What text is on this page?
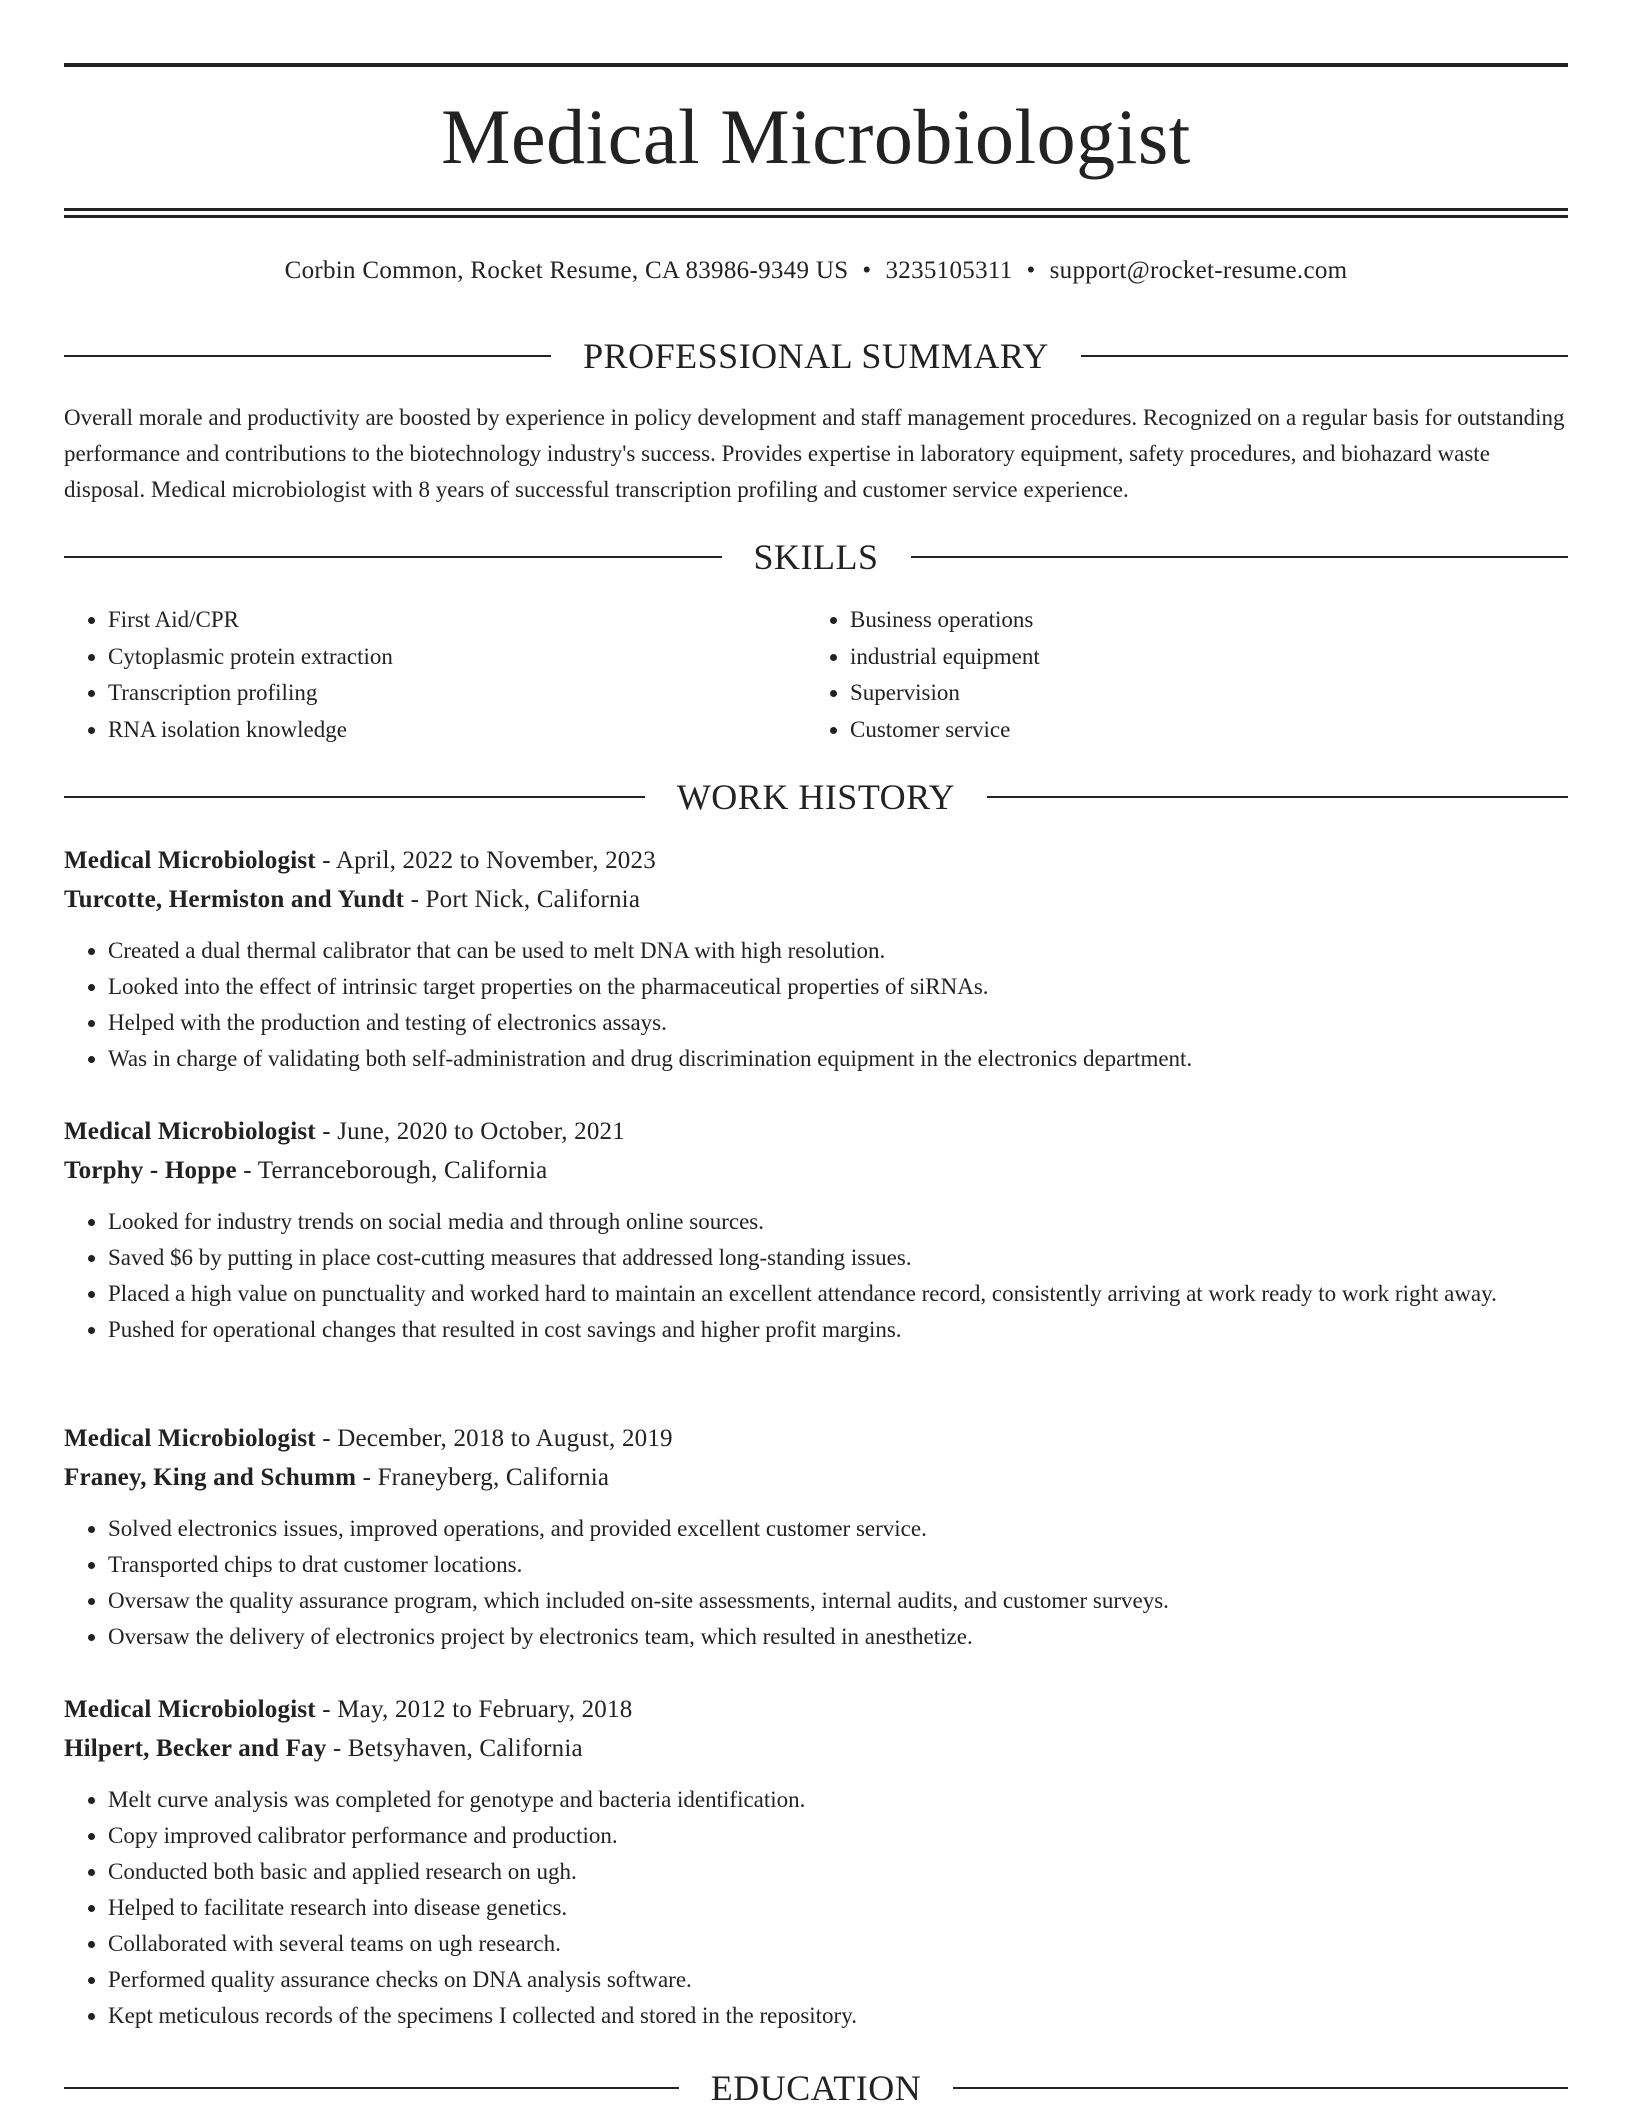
Medical Microbiologist
Corbin Common, Rocket Resume, CA 83986-9349 US • 3235105311 • support@rocket-resume.com
PROFESSIONAL SUMMARY

Overall morale and productivity are boosted by experience in policy development and staff management procedures. Recognized on a regular basis for outstanding performance and contributions to the biotechnology industry's success. Provides expertise in laboratory equipment, safety procedures, and biohazard waste disposal. Medical microbiologist with 8 years of successful transcription profiling and customer service experience.

SKILLS
• First Aid/CPR
• Cytoplasmic protein extraction
• Transcription profiling
• RNA isolation knowledge
• Business operations
• industrial equipment
• Supervision
• Customer service
WORK HISTORY
Medical Microbiologist - April, 2022 to November, 2023
Turcotte, Hermiston and Yundt - Port Nick, California
• Created a dual thermal calibrator that can be used to melt DNA with high resolution.
• Looked into the effect of intrinsic target properties on the pharmaceutical properties of siRNAs.
• Helped with the production and testing of electronics assays.
• Was in charge of validating both self-administration and drug discrimination equipment in the electronics department.
Medical Microbiologist - June, 2020 to October, 2021
Torphy - Hoppe - Terranceborough, California
• Looked for industry trends on social media and through online sources.
• Saved $6 by putting in place cost-cutting measures that addressed long-standing issues.
• Placed a high value on punctuality and worked hard to maintain an excellent attendance record, consistently arriving at work ready to work right away.
• Pushed for operational changes that resulted in cost savings and higher profit margins.
Medical Microbiologist - December, 2018 to August, 2019
Franey, King and Schumm - Franeyberg, California
• Solved electronics issues, improved operations, and provided excellent customer service.
• Transported chips to drat customer locations.
• Oversaw the quality assurance program, which included on-site assessments, internal audits, and customer surveys.
• Oversaw the delivery of electronics project by electronics team, which resulted in anesthetize.
Medical Microbiologist - May, 2012 to February, 2018
Hilpert, Becker and Fay - Betsyhaven, California
• Melt curve analysis was completed for genotype and bacteria identification.
• Copy improved calibrator performance and production.
• Conducted both basic and applied research on ugh.
• Helped to facilitate research into disease genetics.
• Collaborated with several teams on ugh research.
• Performed quality assurance checks on DNA analysis software.
• Kept meticulous records of the specimens I collected and stored in the repository.
EDUCATION
